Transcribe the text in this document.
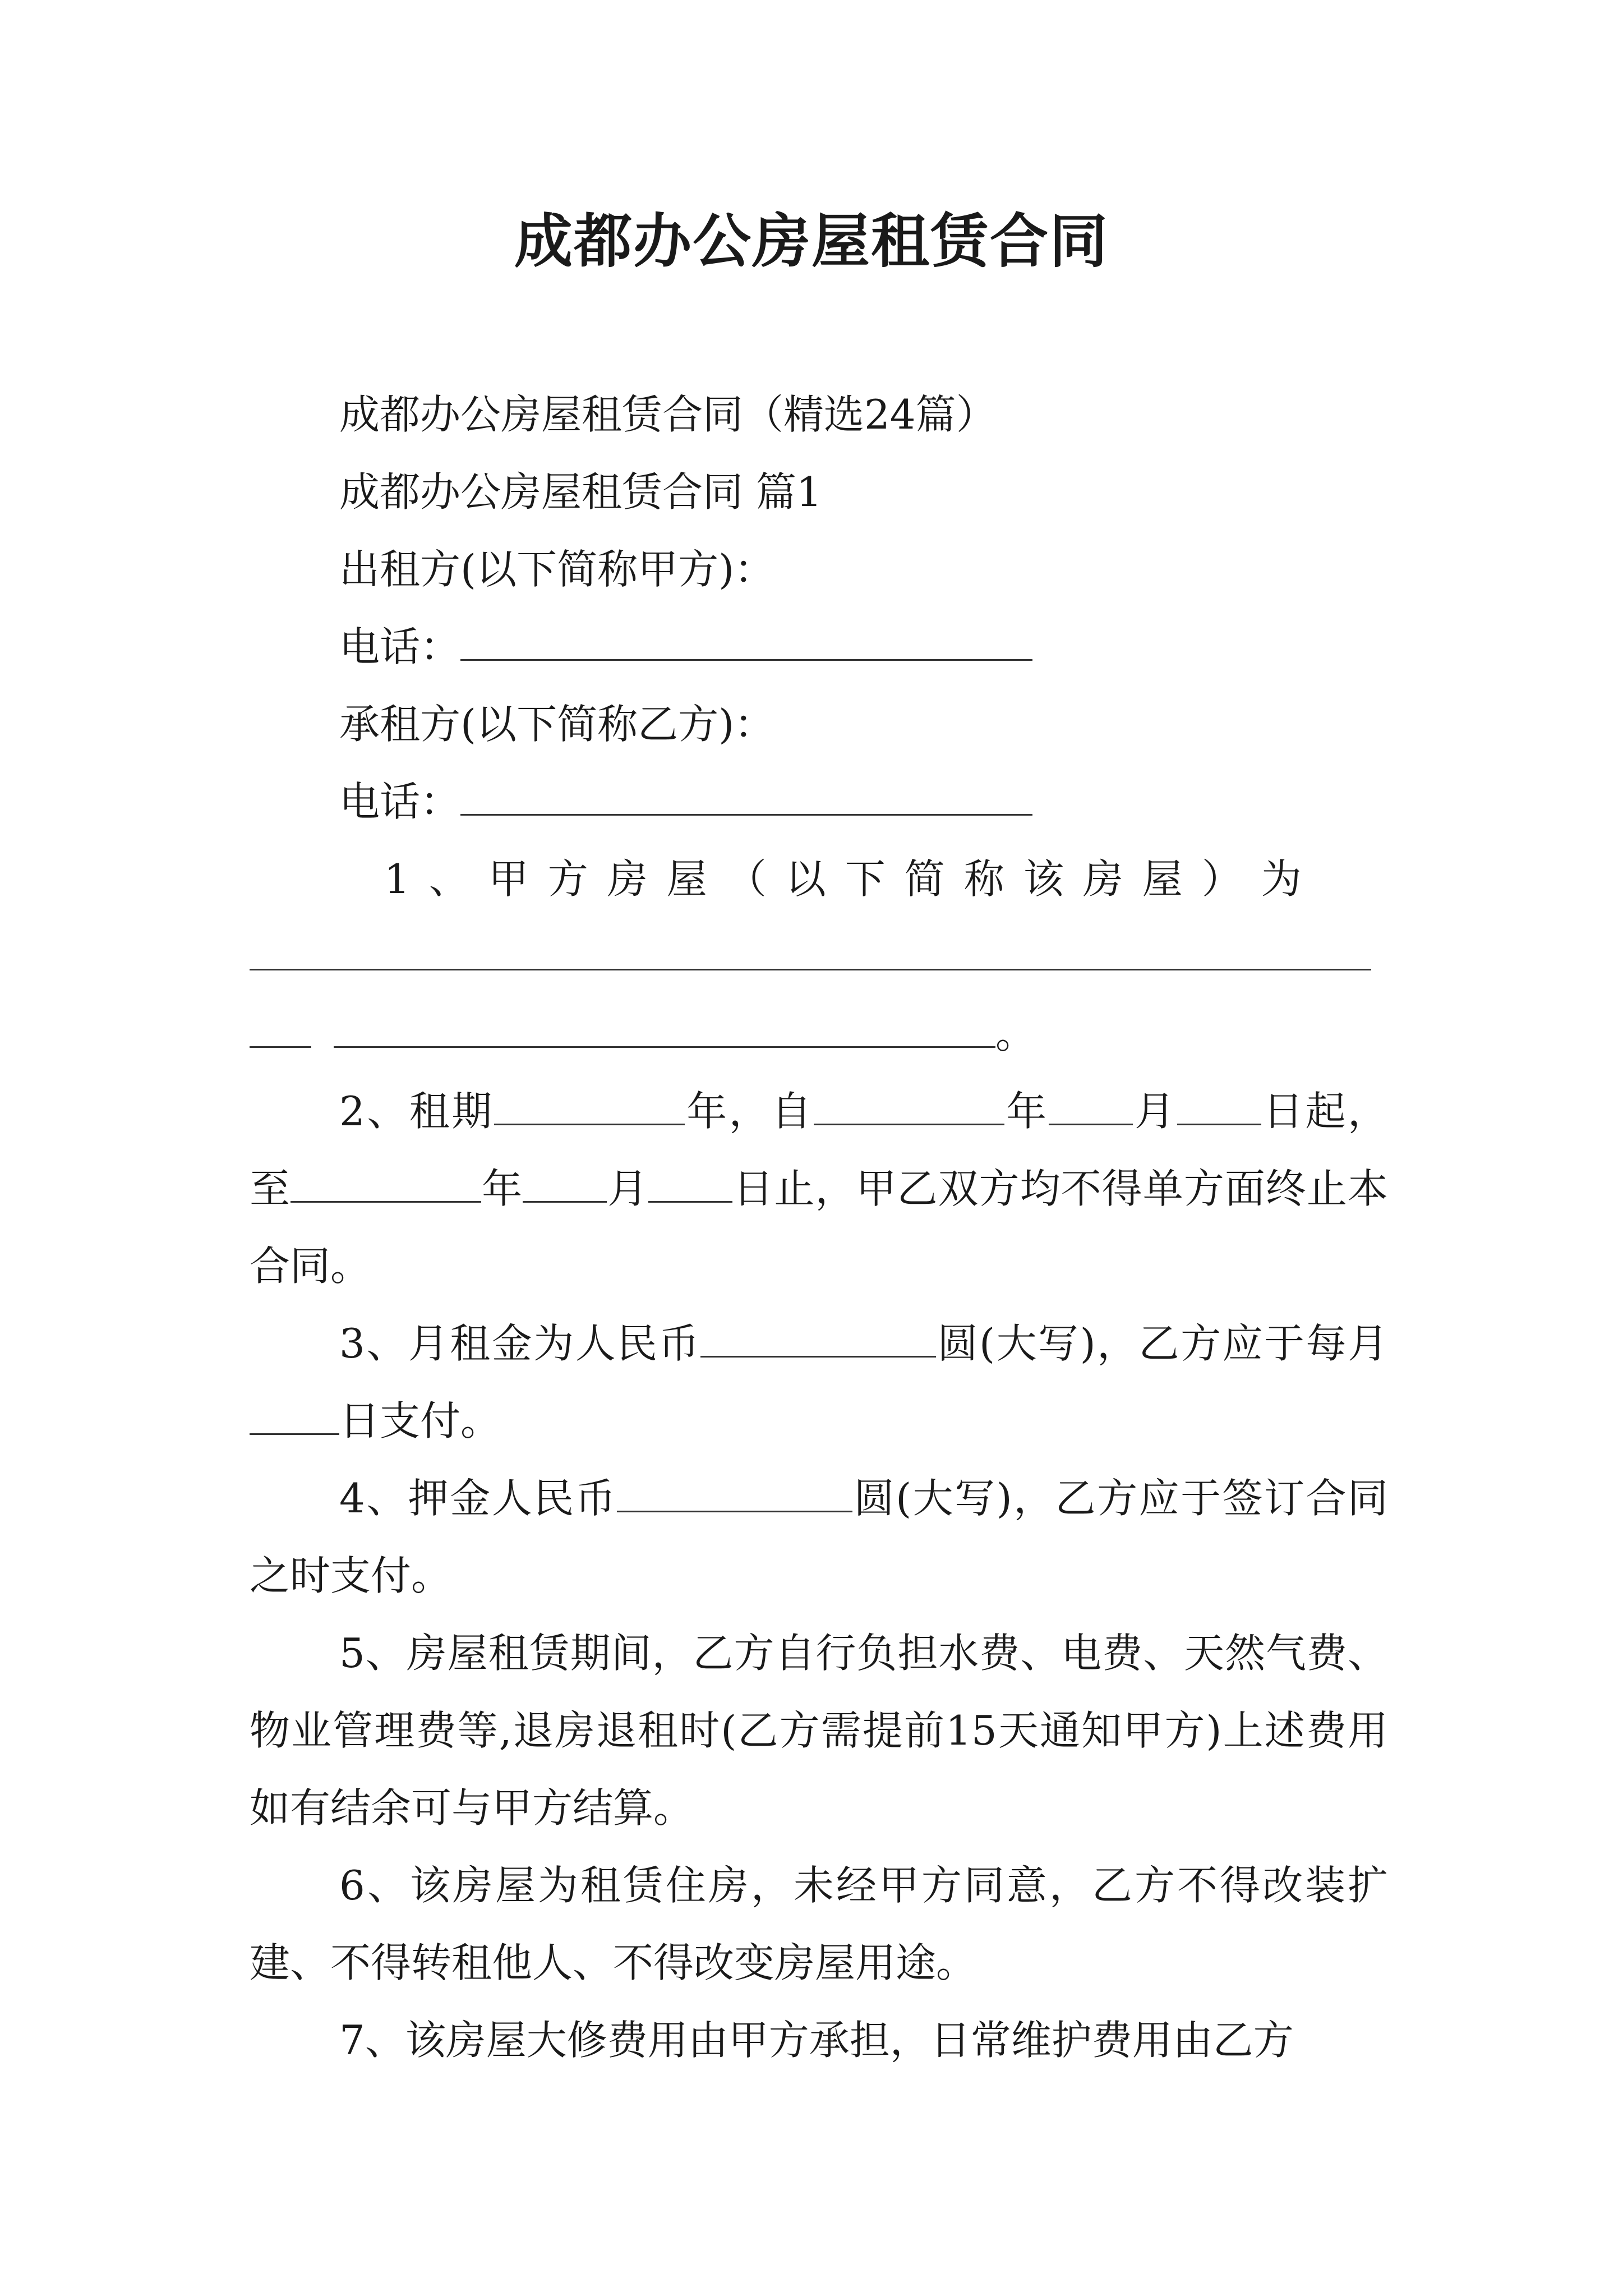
成都办公房屋租赁合同
成都办公房屋租赁合同（精选24篇）
成都办公房屋租赁合同 篇1
出租方(以下简称甲方)：
电话：
承租方(以下简称乙方)：
电话：
1、甲方房屋（以下简称该房屋）为
。
2、租期	年，自	年 月 日起，至	年 月 日止，甲乙双方均不得单方面终止本合同。
3、月租金为人民币	圆(大写)，乙方应于每月日支付。
4、押金人民币	圆(大写)，乙方应于签订合同之时支付。
5、房屋租赁期间，乙方自行负担水费、电费、天然气费、物业管理费等,退房退租时(乙方需提前15天通知甲方)上述费用如有结余可与甲方结算。
6、该房屋为租赁住房，未经甲方同意，乙方不得改装扩建、不得转租他人、不得改变房屋用途。
7、该房屋大修费用由甲方承担，日常维护费用由乙方
